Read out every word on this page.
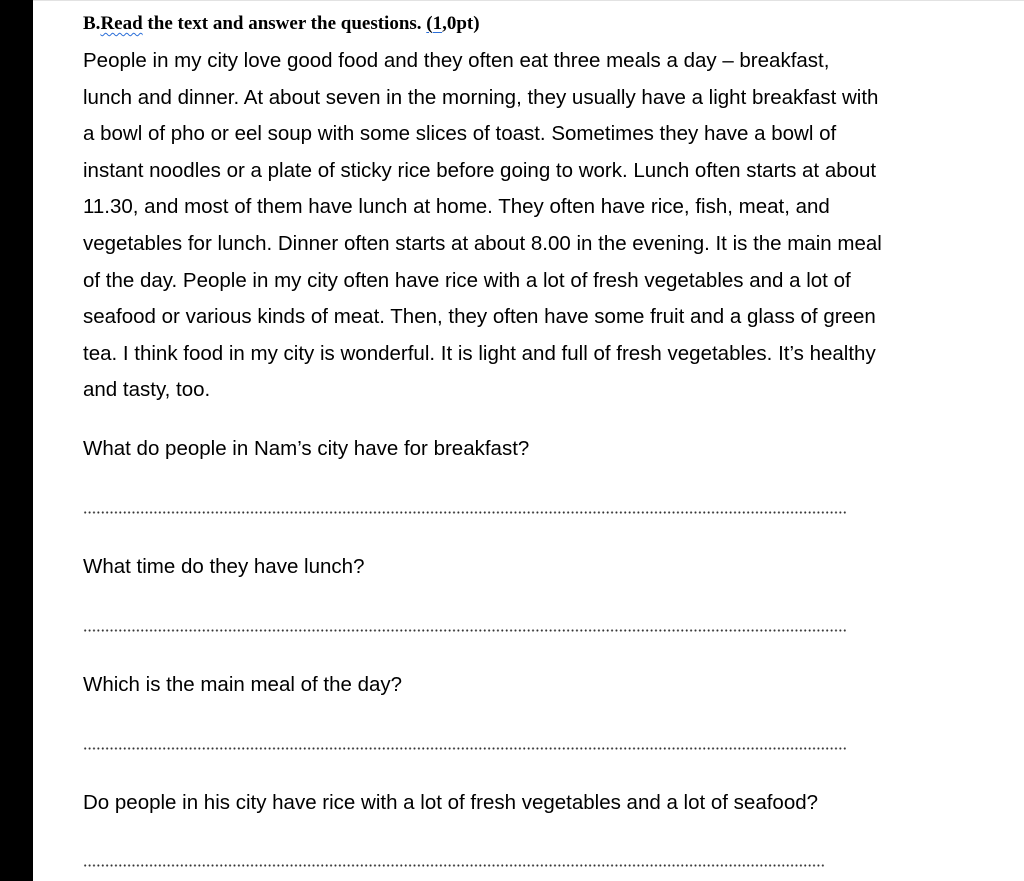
B.Read the text and answer the questions. (1,0pt)
People in my city love good food and they often eat three meals a day – breakfast,
lunch and dinner. At about seven in the morning, they usually have a light breakfast with
a bowl of pho or eel soup with some slices of toast. Sometimes they have a bowl of
instant noodles or a plate of sticky rice before going to work. Lunch often starts at about
11.30, and most of them have lunch at home. They often have rice, fish, meat, and
vegetables for lunch. Dinner often starts at about 8.00 in the evening. It is the main meal
of the day. People in my city often have rice with a lot of fresh vegetables and a lot of
seafood or various kinds of meat. Then, they often have some fruit and a glass of green
tea. I think food in my city is wonderful. It is light and full of fresh vegetables. It’s healthy
and tasty, too.
What do people in Nam’s city have for breakfast?
What time do they have lunch?
Which is the main meal of the day?
Do people in his city have rice with a lot of fresh vegetables and a lot of seafood?
